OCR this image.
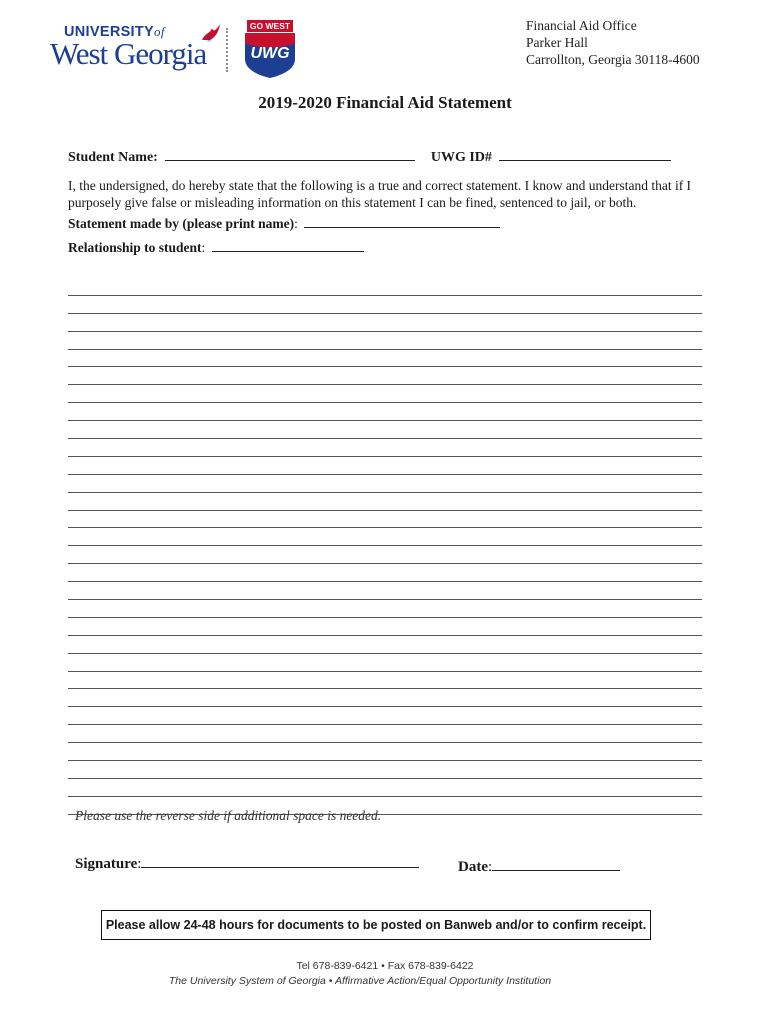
UNIVERSITYof
West Georgia®
GO WEST
UWG
Financial Aid Office
Parker Hall
Carrollton, Georgia 30118-4600
2019-2020 Financial Aid Statement
Student Name:	UWG ID#
I, the undersigned, do hereby state that the following is a true and correct statement. I know and understand that if I purposely give false or misleading information on this statement I can be fined, sentenced to jail, or both.
Statement made by (please print name):
Relationship to student:
Please use the reverse side if additional space is needed.
Signature:	Date:
Please allow 24-48 hours for documents to be posted on Banweb and/or to confirm receipt.
Tel 678-839-6421 • Fax 678-839-6422
The University System of Georgia • Affirmative Action/Equal Opportunity Institution
